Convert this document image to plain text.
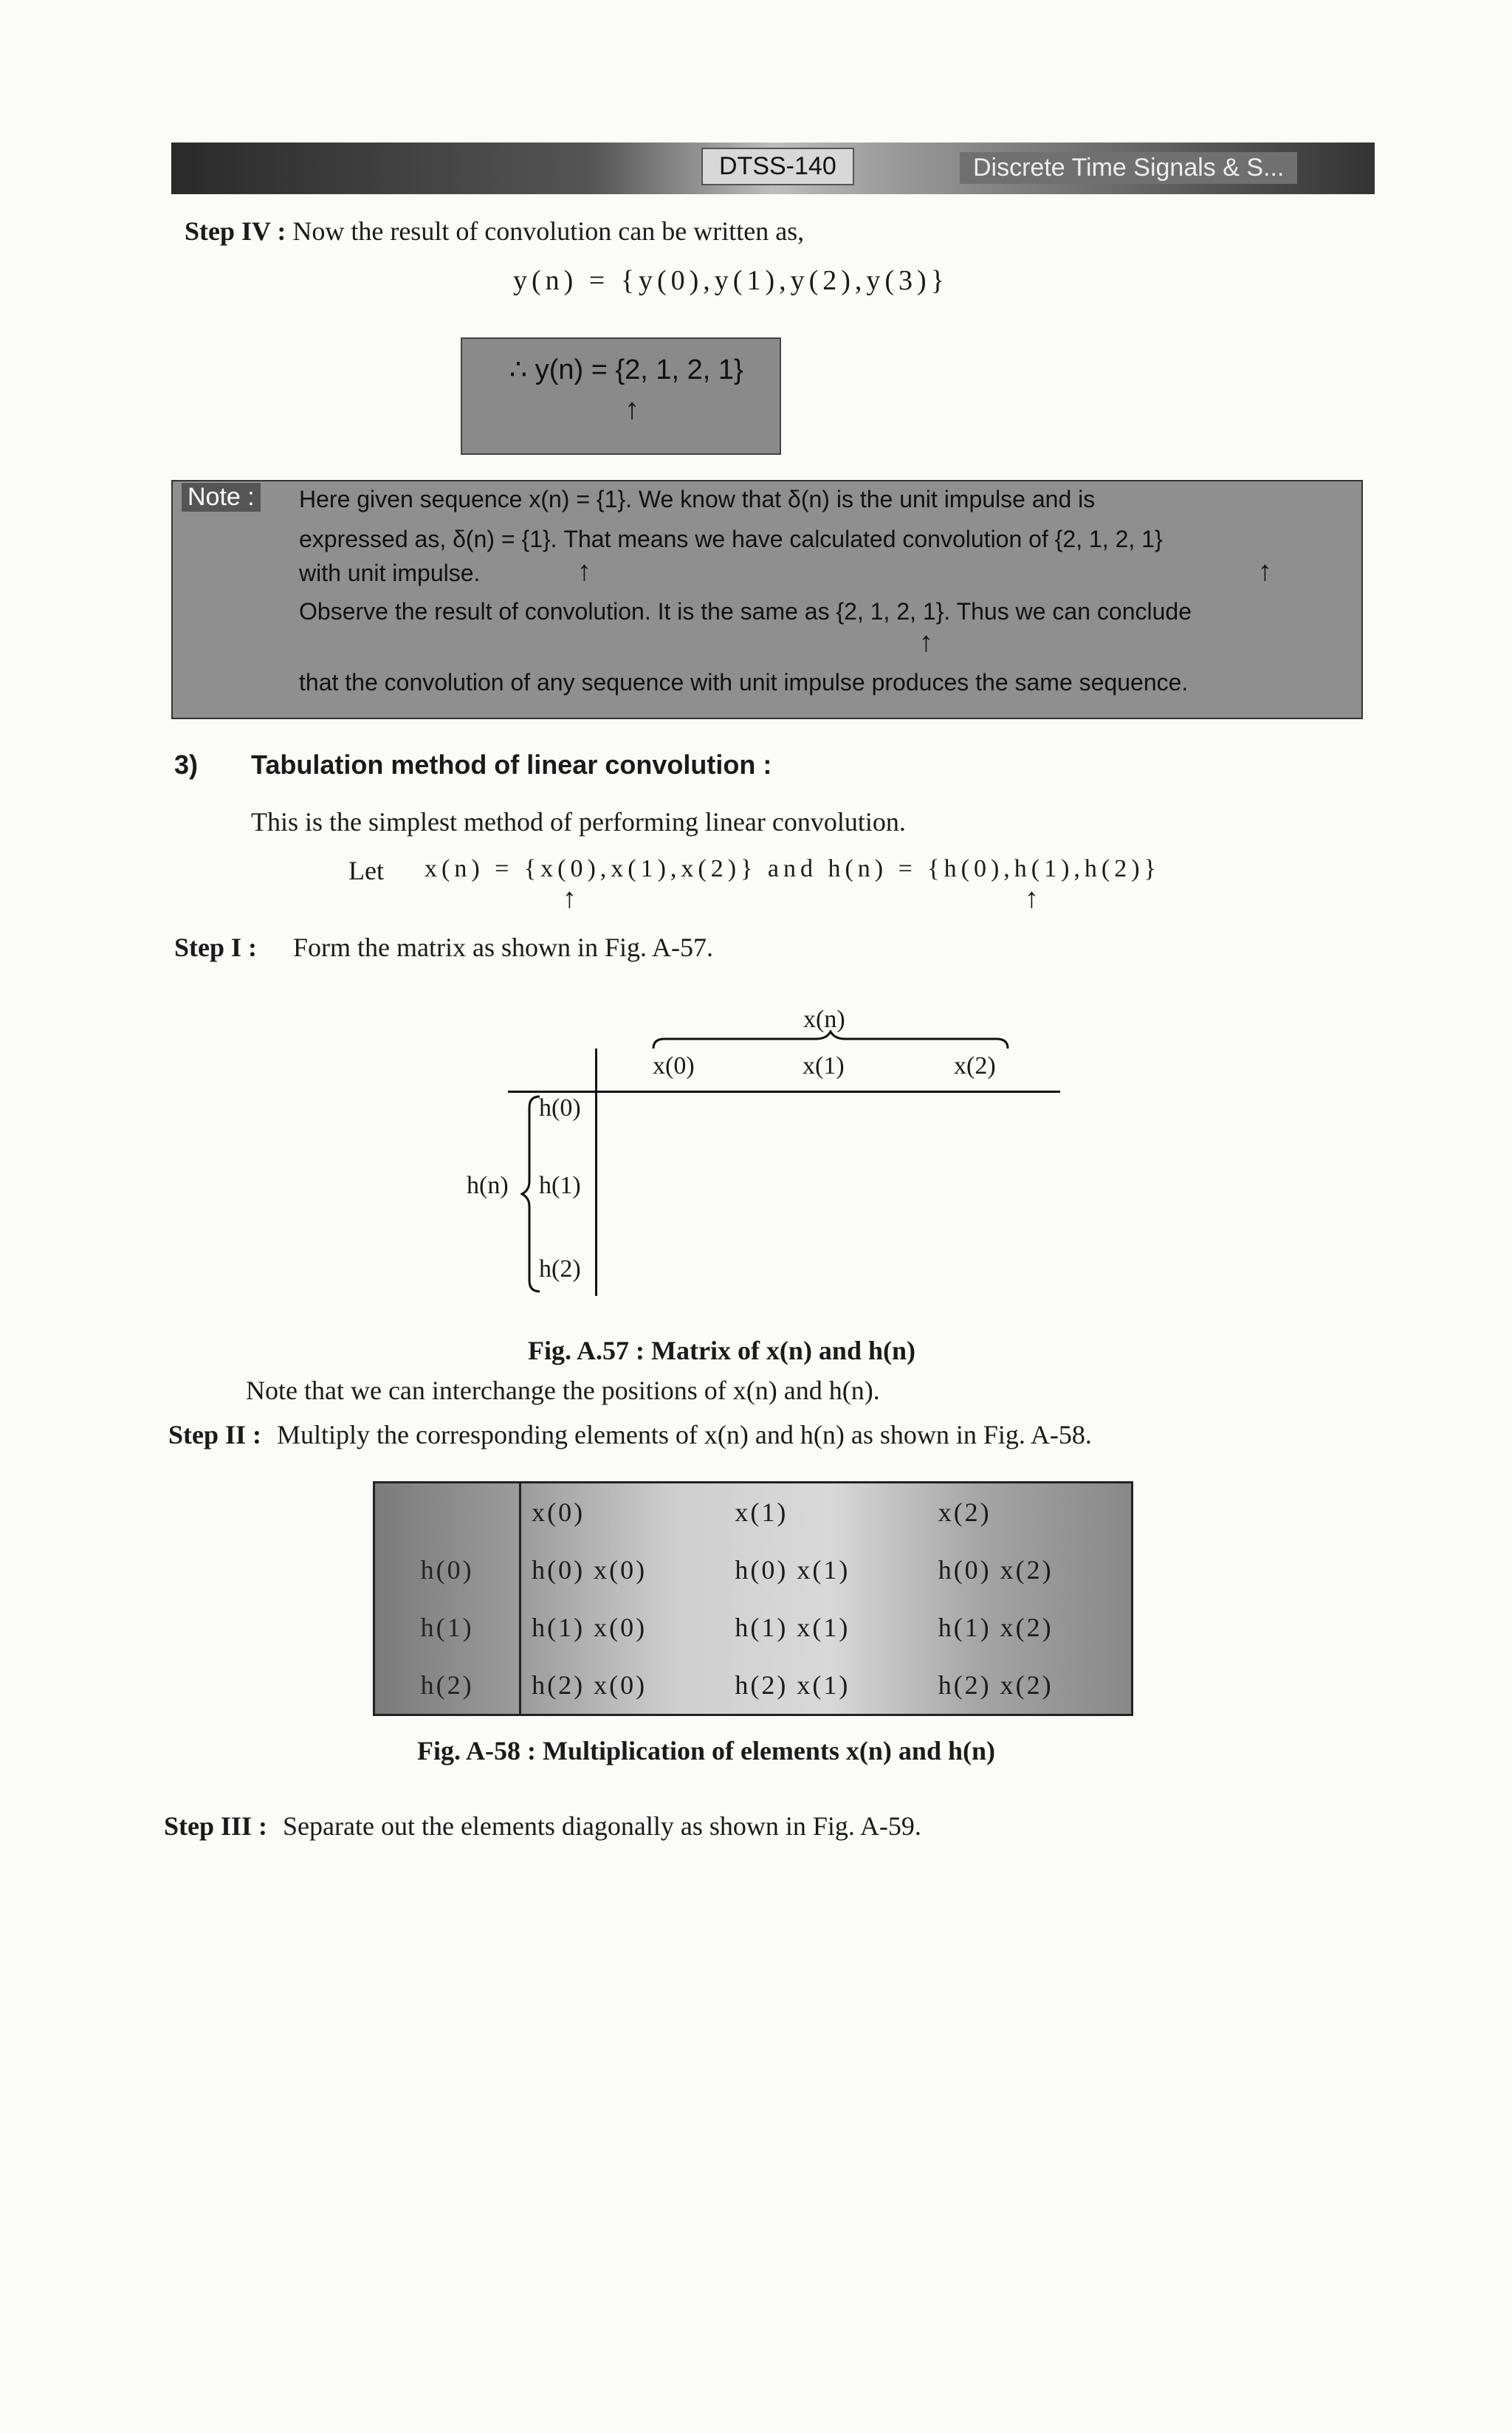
DTSS-140	Discrete Time Signals & S...
Step IV : Now the result of convolution can be written as,
y(n) = {y(0),y(1),y(2),y(3)}
∴ y(n) = {2, 1, 2, 1}
↑
Note : Here given sequence x(n) = {1}. We know that δ(n) is the unit impulse and is
expressed as, δ(n) = {1}. That means we have calculated convolution of {2, 1, 2, 1}
with unit impulse.	↑	↑
Observe the result of convolution. It is the same as {2, 1, 2, 1}. Thus we can conclude
↑
that the convolution of any sequence with unit impulse produces the same sequence.
3) Tabulation method of linear convolution :
This is the simplest method of performing linear convolution.
Let x(n) = {x(0),x(1),x(2)} and h(n) = {h(0),h(1),h(2)}
↑	↑
Step I : Form the matrix as shown in Fig. A-57.
x(n)
x(0)	x(1)	x(2)
h(n)
h(0)
h(1)
h(2)
Fig. A.57 : Matrix of x(n) and h(n)
Note that we can interchange the positions of x(n) and h(n).
Step II : Multiply the corresponding elements of x(n) and h(n) as shown in Fig. A-58.
	x(0)	x(1)	x(2)
h(0)	h(0) x(0)	h(0) x(1)	h(0) x(2)
h(1)	h(1) x(0)	h(1) x(1)	h(1) x(2)
h(2)	h(2) x(0)	h(2) x(1)	h(2) x(2)
Fig. A-58 : Multiplication of elements x(n) and h(n)
Step III : Separate out the elements diagonally as shown in Fig. A-59.
